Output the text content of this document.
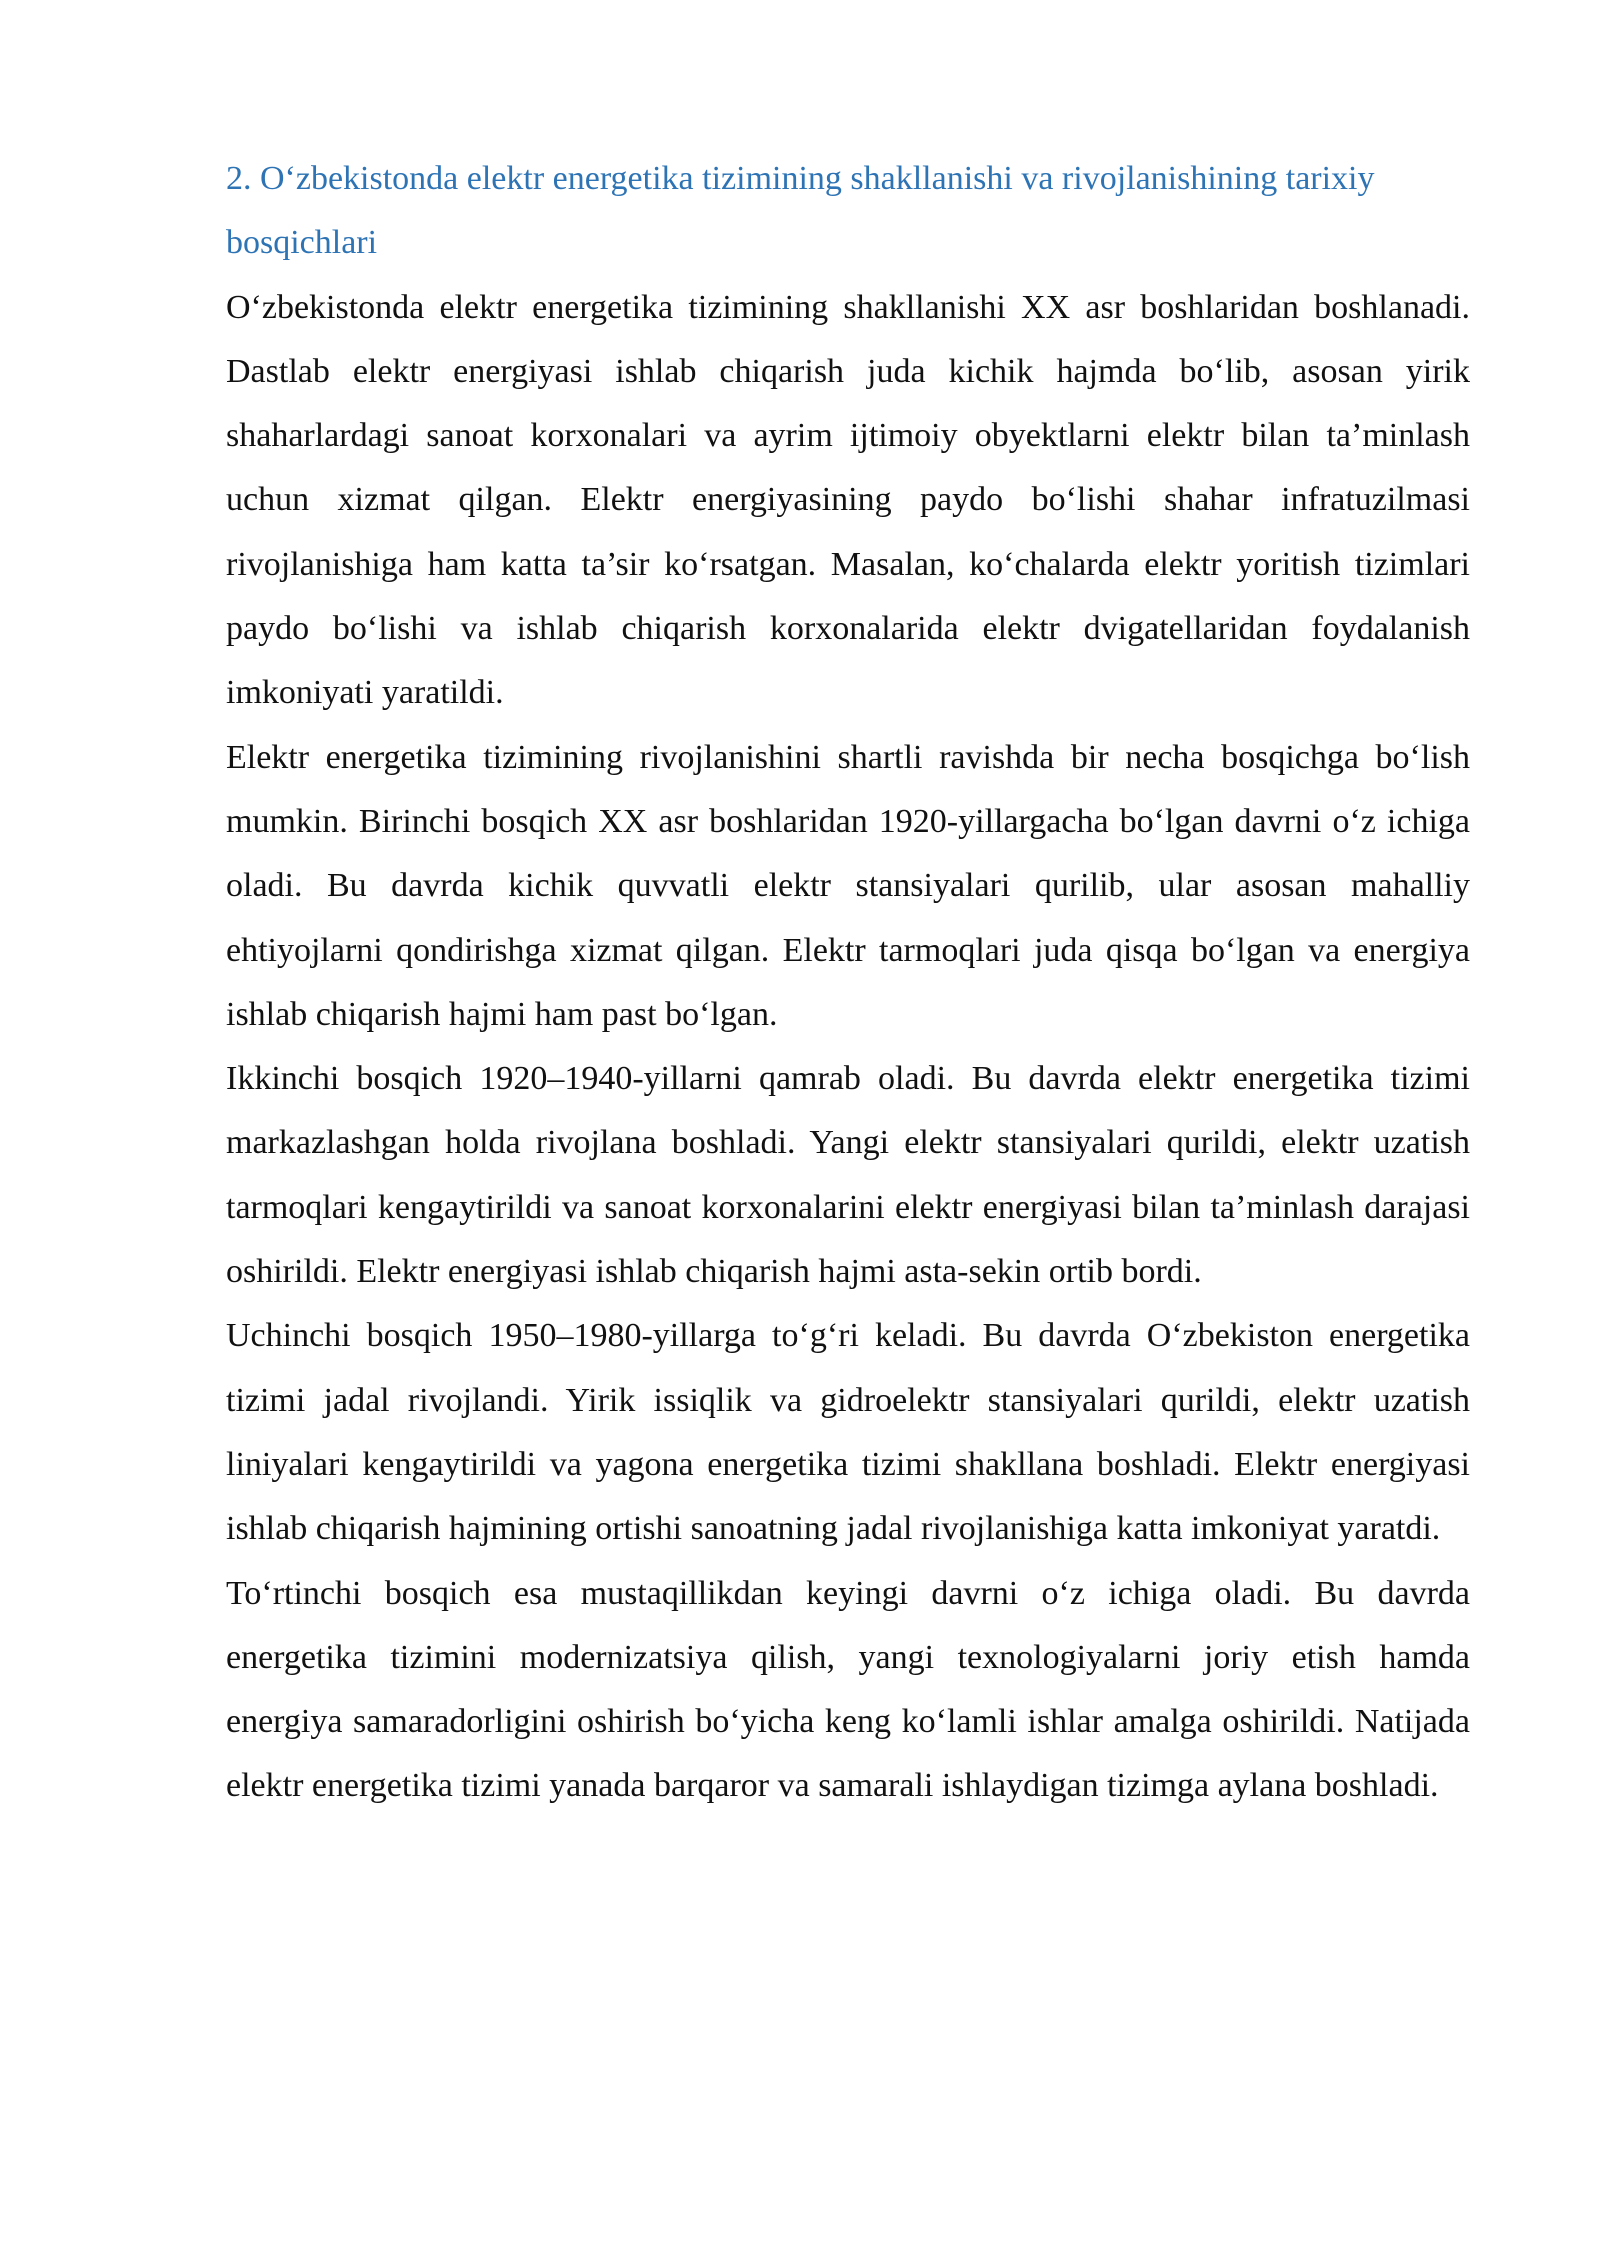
2. O‘zbekistonda elektr energetika tizimining shakllanishi va rivojlanishining tarixiy bosqichlari

O‘zbekistonda elektr energetika tizimining shakllanishi XX asr boshlaridan boshlanadi. Dastlab elektr energiyasi ishlab chiqarish juda kichik hajmda bo‘lib, asosan yirik shaharlardagi sanoat korxonalari va ayrim ijtimoiy obyektlarni elektr bilan ta’minlash uchun xizmat qilgan. Elektr energiyasining paydo bo‘lishi shahar infratuzilmasi rivojlanishiga ham katta ta’sir ko‘rsatgan. Masalan, ko‘chalarda elektr yoritish tizimlari paydo bo‘lishi va ishlab chiqarish korxonalarida elektr dvigatellaridan foydalanish imkoniyati yaratildi.

Elektr energetika tizimining rivojlanishini shartli ravishda bir necha bosqichga bo‘lish mumkin. Birinchi bosqich XX asr boshlaridan 1920-yillargacha bo‘lgan davrni o‘z ichiga oladi. Bu davrda kichik quvvatli elektr stansiyalari qurilib, ular asosan mahalliy ehtiyojlarni qondirishga xizmat qilgan. Elektr tarmoqlari juda qisqa bo‘lgan va energiya ishlab chiqarish hajmi ham past bo‘lgan.

Ikkinchi bosqich 1920–1940-yillarni qamrab oladi. Bu davrda elektr energetika tizimi markazlashgan holda rivojlana boshladi. Yangi elektr stansiyalari qurildi, elektr uzatish tarmoqlari kengaytirildi va sanoat korxonalarini elektr energiyasi bilan ta’minlash darajasi oshirildi. Elektr energiyasi ishlab chiqarish hajmi asta-sekin ortib bordi.

Uchinchi bosqich 1950–1980-yillarga to‘g‘ri keladi. Bu davrda O‘zbekiston energetika tizimi jadal rivojlandi. Yirik issiqlik va gidroelektr stansiyalari qurildi, elektr uzatish liniyalari kengaytirildi va yagona energetika tizimi shakllana boshladi. Elektr energiyasi ishlab chiqarish hajmining ortishi sanoatning jadal rivojlanishiga katta imkoniyat yaratdi.

To‘rtinchi bosqich esa mustaqillikdan keyingi davrni o‘z ichiga oladi. Bu davrda energetika tizimini modernizatsiya qilish, yangi texnologiyalarni joriy etish hamda energiya samaradorligini oshirish bo‘yicha keng ko‘lamli ishlar amalga oshirildi. Natijada elektr energetika tizimi yanada barqaror va samarali ishlaydigan tizimga aylana boshladi.
